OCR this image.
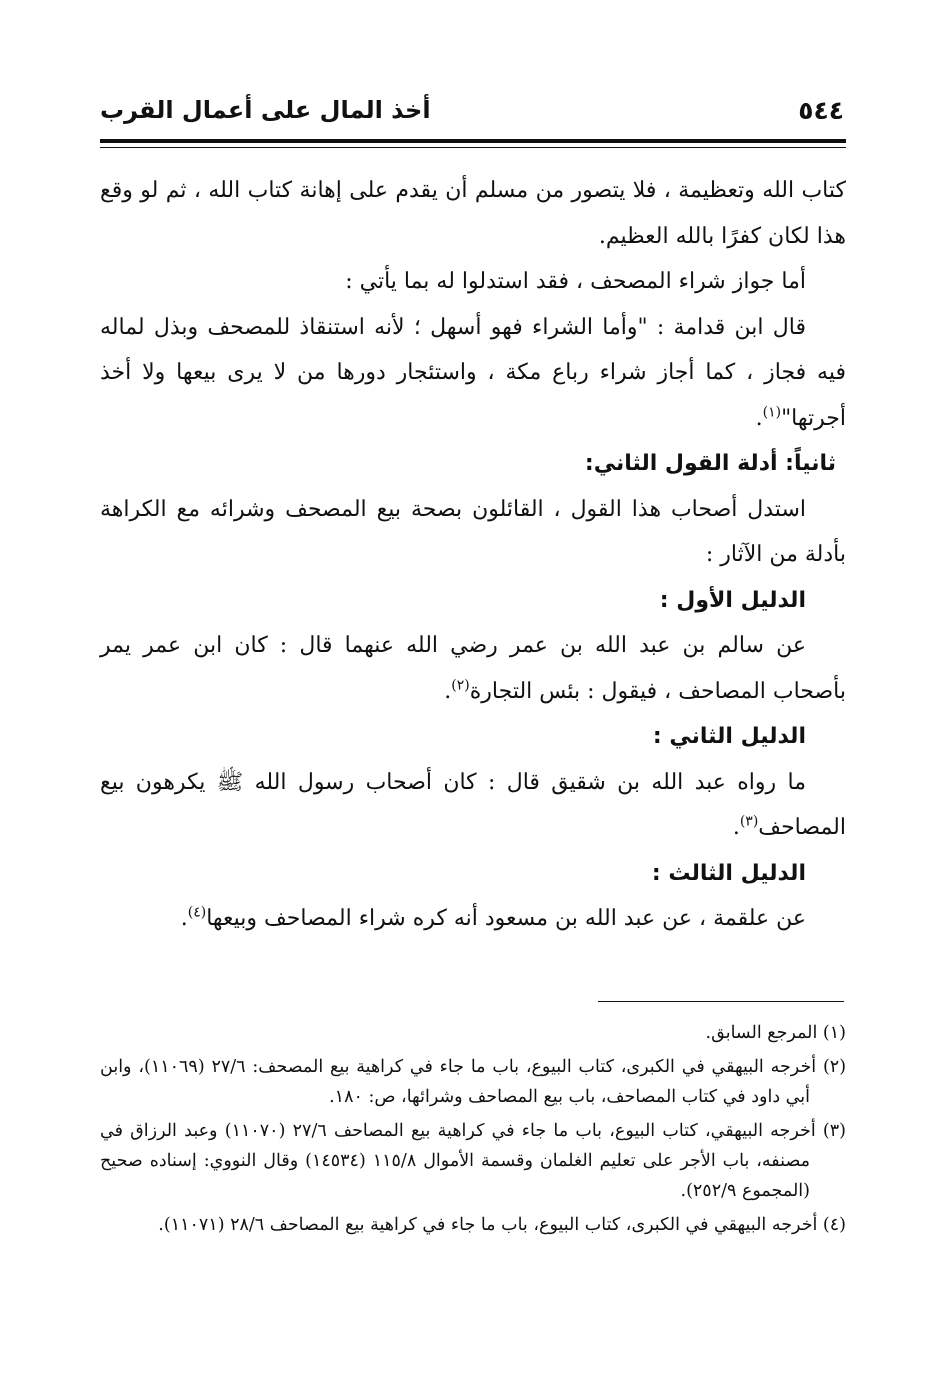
٥٤٤
أخذ المال على أعمال القرب

كتاب الله وتعظيمة ، فلا يتصور من مسلم أن يقدم على إهانة كتاب الله ، ثم لو وقع هذا لكان كفرًا بالله العظيم.

أما جواز شراء المصحف ، فقد استدلوا له بما يأتي :

قال ابن قدامة : "وأما الشراء فهو أسهل ؛ لأنه استنقاذ للمصحف وبذل لماله فيه فجاز ، كما أجاز شراء رباع مكة ، واستئجار دورها من لا يرى بيعها ولا أخذ أجرتها"$^{(١)}$.

ثانياً: أدلة القول الثاني:

استدل أصحاب هذا القول ، القائلون بصحة بيع المصحف وشرائه مع الكراهة بأدلة من الآثار :

الدليل الأول :

عن سالم بن عبد الله بن عمر رضي الله عنهما قال : كان ابن عمر يمر بأصحاب المصاحف ، فيقول : بئس التجارة$^{(٢)}$.

الدليل الثاني :

ما رواه عبد الله بن شقيق قال : كان أصحاب رسول الله ﷺ يكرهون بيع المصاحف$^{(٣)}$.

الدليل الثالث :

عن علقمة ، عن عبد الله بن مسعود أنه كره شراء المصاحف وبيعها$^{(٤)}$.

(١) المرجع السابق.

(٢) أخرجه البيهقي في الكبرى، كتاب البيوع، باب ما جاء في كراهية بيع المصحف: ٢٧/٦ (١١٠٦٩)، وابن أبي داود في كتاب المصاحف، باب بيع المصاحف وشرائها، ص: ١٨٠.

(٣) أخرجه البيهقي، كتاب البيوع، باب ما جاء في كراهية بيع المصاحف ٢٧/٦ (١١٠٧٠) وعبد الرزاق في مصنفه، باب الأجر على تعليم الغلمان وقسمة الأموال ١١٥/٨ (١٤٥٣٤) وقال النووي: إسناده صحيح (المجموع ٢٥٢/٩).

(٤) أخرجه البيهقي في الكبرى، كتاب البيوع، باب ما جاء في كراهية بيع المصاحف ٢٨/٦ (١١٠٧١).
